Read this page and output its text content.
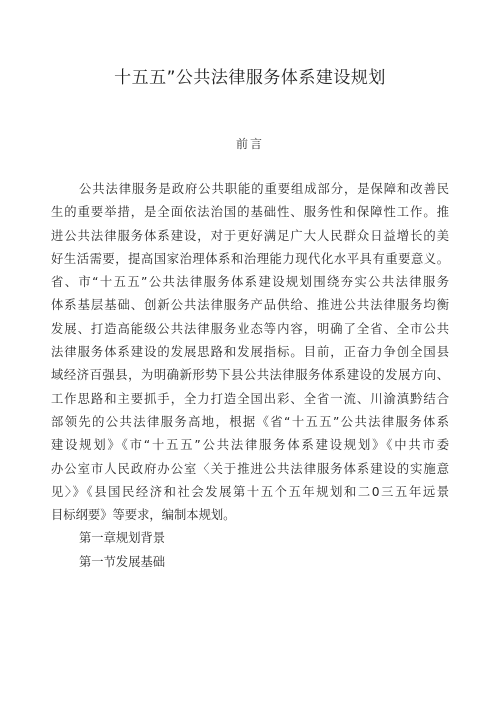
十五五”公共法律服务体系建设规划
前言
公共法律服务是政府公共职能的重要组成部分，是保障和改善民
生的重要举措，是全面依法治国的基础性、服务性和保障性工作。推
进公共法律服务体系建设，对于更好满足广大人民群众日益增长的美
好生活需要，提高国家治理体系和治理能力现代化水平具有重要意义。
省、市“十五五”公共法律服务体系建设规划围绕夯实公共法律服务
体系基层基础、创新公共法律服务产品供给、推进公共法律服务均衡
发展、打造高能级公共法律服务业态等内容，明确了全省、全市公共
法律服务体系建设的发展思路和发展指标。目前，正奋力争创全国县
域经济百强县，为明确新形势下县公共法律服务体系建设的发展方向、
工作思路和主要抓手，全力打造全国出彩、全省一流、川渝滇黔结合
部领先的公共法律服务高地，根据《省“十五五”公共法律服务体系
建设规划》《市“十五五”公共法律服务体系建设规划》《中共市委
办公室市人民政府办公室〈关于推进公共法律服务体系建设的实施意
见〉》《县国民经济和社会发展第十五个五年规划和二0三五年远景
目标纲要》等要求，编制本规划。
第一章规划背景
第一节发展基础
